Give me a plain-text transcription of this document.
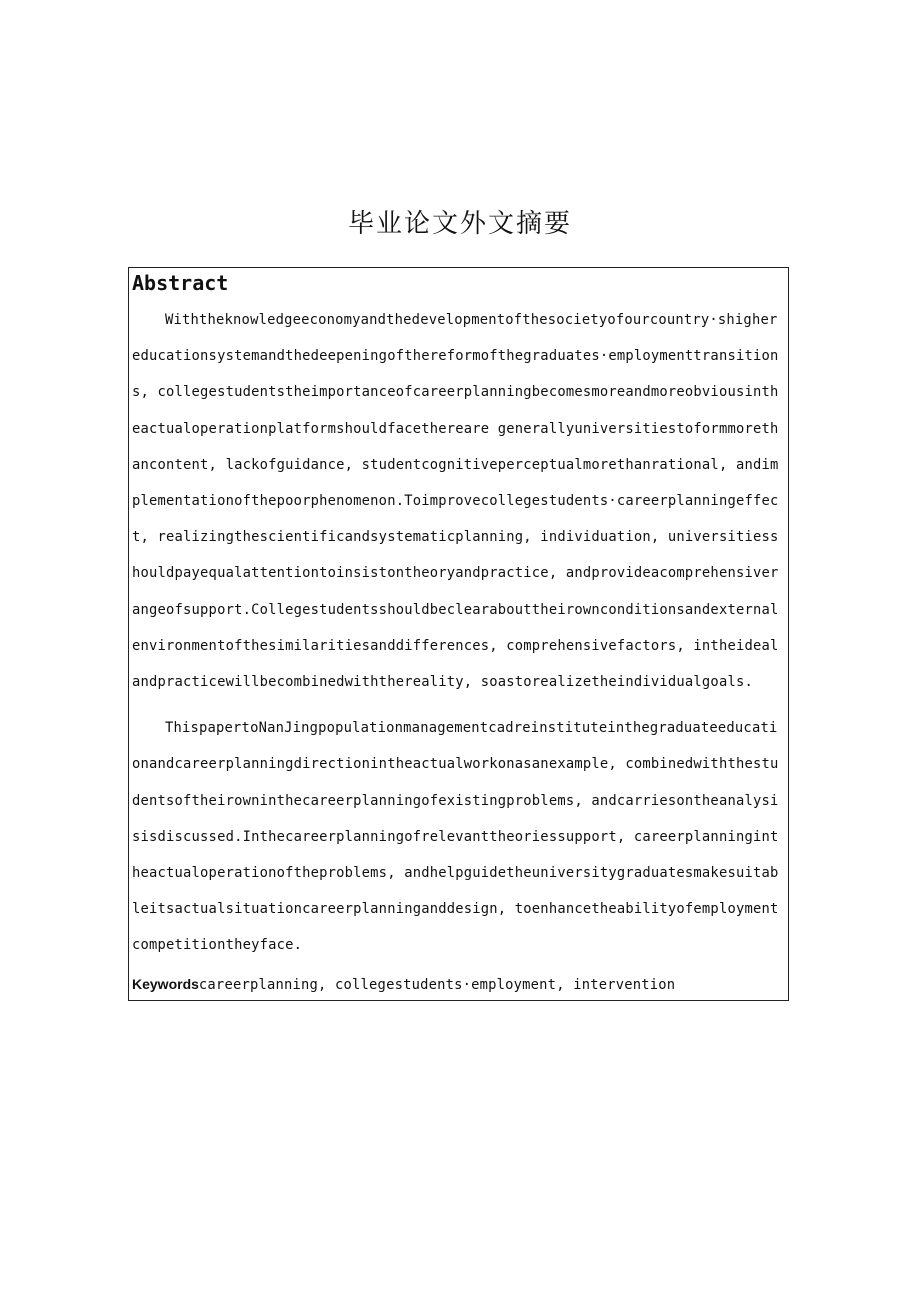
毕业论文外文摘要
Abstract

Withtheknowledgeeconomyandthedevelopmentofthesocietyofourcountry·shighereducationsystemandthedeepeningofthereformofthegraduates·employmenttransitions, collegestudentstheimportanceofcareerplanningbecomesmoreandmoreobviousintheactualoperationplatformshouldfacethereare generallyuniversitiestoformmorethancontent, lackofguidance, studentcognitiveperceptualmorethanrational, andimplementationofthepoorphenomenon.Toimprovecollegestudents·careerplanningeffect, realizingthescientificandsystematicplanning, individuation, universitiesshouldpayequalattentiontoinsistontheoryandpractice, andprovideacomprehensiverangeofsupport.Collegestudentsshouldbeclearabouttheirownconditionsandexternalenvironmentofthesimilaritiesanddifferences, comprehensivefactors, intheidealandpracticewillbecombinedwiththereality, soastorealizetheindividualgoals.

ThispapertoNanJingpopulationmanagementcadreinstituteinthegraduateeducationandcareerplanningdirectionintheactualworkonasanexample, combinedwiththestudentsoftheirowninthecareerplanningofexistingproblems, andcarriesontheanalysisisdiscussed.Inthecareerplanningofrelevanttheoriessupport, careerplanningintheactualoperationoftheproblems, andhelpguidetheuniversitygraduatesmakesuitableitsactualsituationcareerplanninganddesign, toenhancetheabilityofemploymentcompetitiontheyface.

Keywordscareerplanning, collegestudents·employment, intervention
